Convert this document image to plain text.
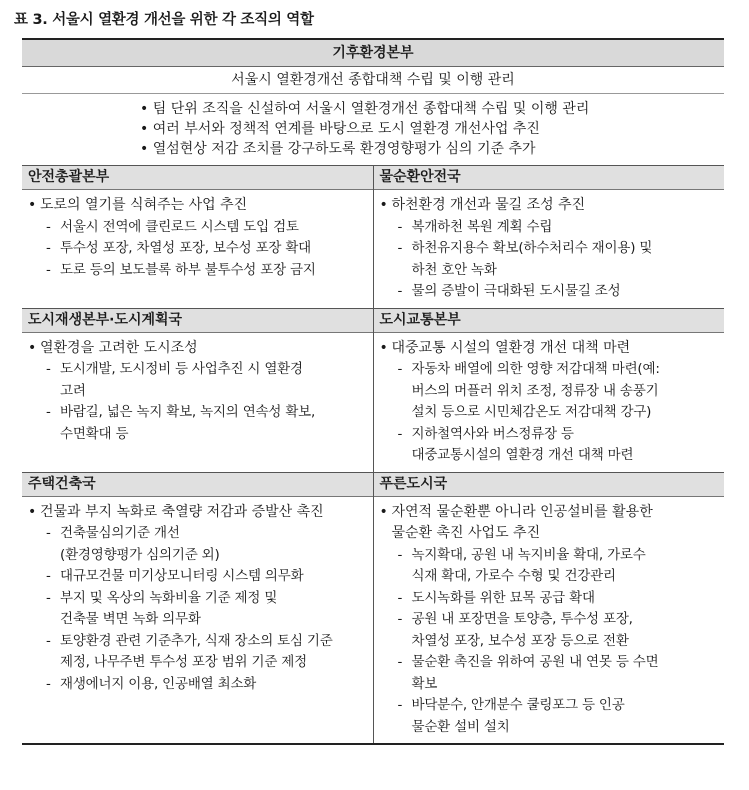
표 3. 서울시 열환경 개선을 위한 각 조직의 역할
기후환경본부
서울시 열환경개선 종합대책 수립 및 이행 관리
• 팀 단위 조직을 신설하여 서울시 열환경개선 종합대책 수립 및 이행 관리
• 여러 부서와 정책적 연계를 바탕으로 도시 열환경 개선사업 추진
• 열섬현상 저감 조치를 강구하도록 환경영향평가 심의 기준 추가
안전총괄본부
• 도로의 열기를 식혀주는 사업 추진
- 서울시 전역에 클린로드 시스템 도입 검토
- 투수성 포장, 차열성 포장, 보수성 포장 확대
- 도로 등의 보도블록 하부 불투수성 포장 금지
물순환안전국
• 하천환경 개선과 물길 조성 추진
- 복개하천 복원 계획 수립
- 하천유지용수 확보(하수처리수 재이용) 및
하천 호안 녹화
- 물의 증발이 극대화된 도시물길 조성
도시재생본부·도시계획국
• 열환경을 고려한 도시조성
- 도시개발, 도시정비 등 사업추진 시 열환경
고려
- 바람길, 넓은 녹지 확보, 녹지의 연속성 확보,
수면확대 등
도시교통본부
• 대중교통 시설의 열환경 개선 대책 마련
- 자동차 배열에 의한 영향 저감대책 마련(예:
버스의 머플러 위치 조정, 정류장 내 송풍기
설치 등으로 시민체감온도 저감대책 강구)
- 지하철역사와 버스정류장 등
대중교통시설의 열환경 개선 대책 마련
주택건축국
• 건물과 부지 녹화로 축열량 저감과 증발산 촉진
- 건축물심의기준 개선
(환경영향평가 심의기준 외)
- 대규모건물 미기상모니터링 시스템 의무화
- 부지 및 옥상의 녹화비율 기준 제정 및
건축물 벽면 녹화 의무화
- 토양환경 관련 기준추가, 식재 장소의 토심 기준
제정, 나무주변 투수성 포장 범위 기준 제정
- 재생에너지 이용, 인공배열 최소화
푸른도시국
• 자연적 물순환뿐 아니라 인공설비를 활용한
물순환 촉진 사업도 추진
- 녹지확대, 공원 내 녹지비율 확대, 가로수
식재 확대, 가로수 수형 및 건강관리
- 도시녹화를 위한 묘목 공급 확대
- 공원 내 포장면을 토양층, 투수성 포장,
차열성 포장, 보수성 포장 등으로 전환
- 물순환 촉진을 위하여 공원 내 연못 등 수면
확보
- 바닥분수, 안개분수 쿨링포그 등 인공
물순환 설비 설치
